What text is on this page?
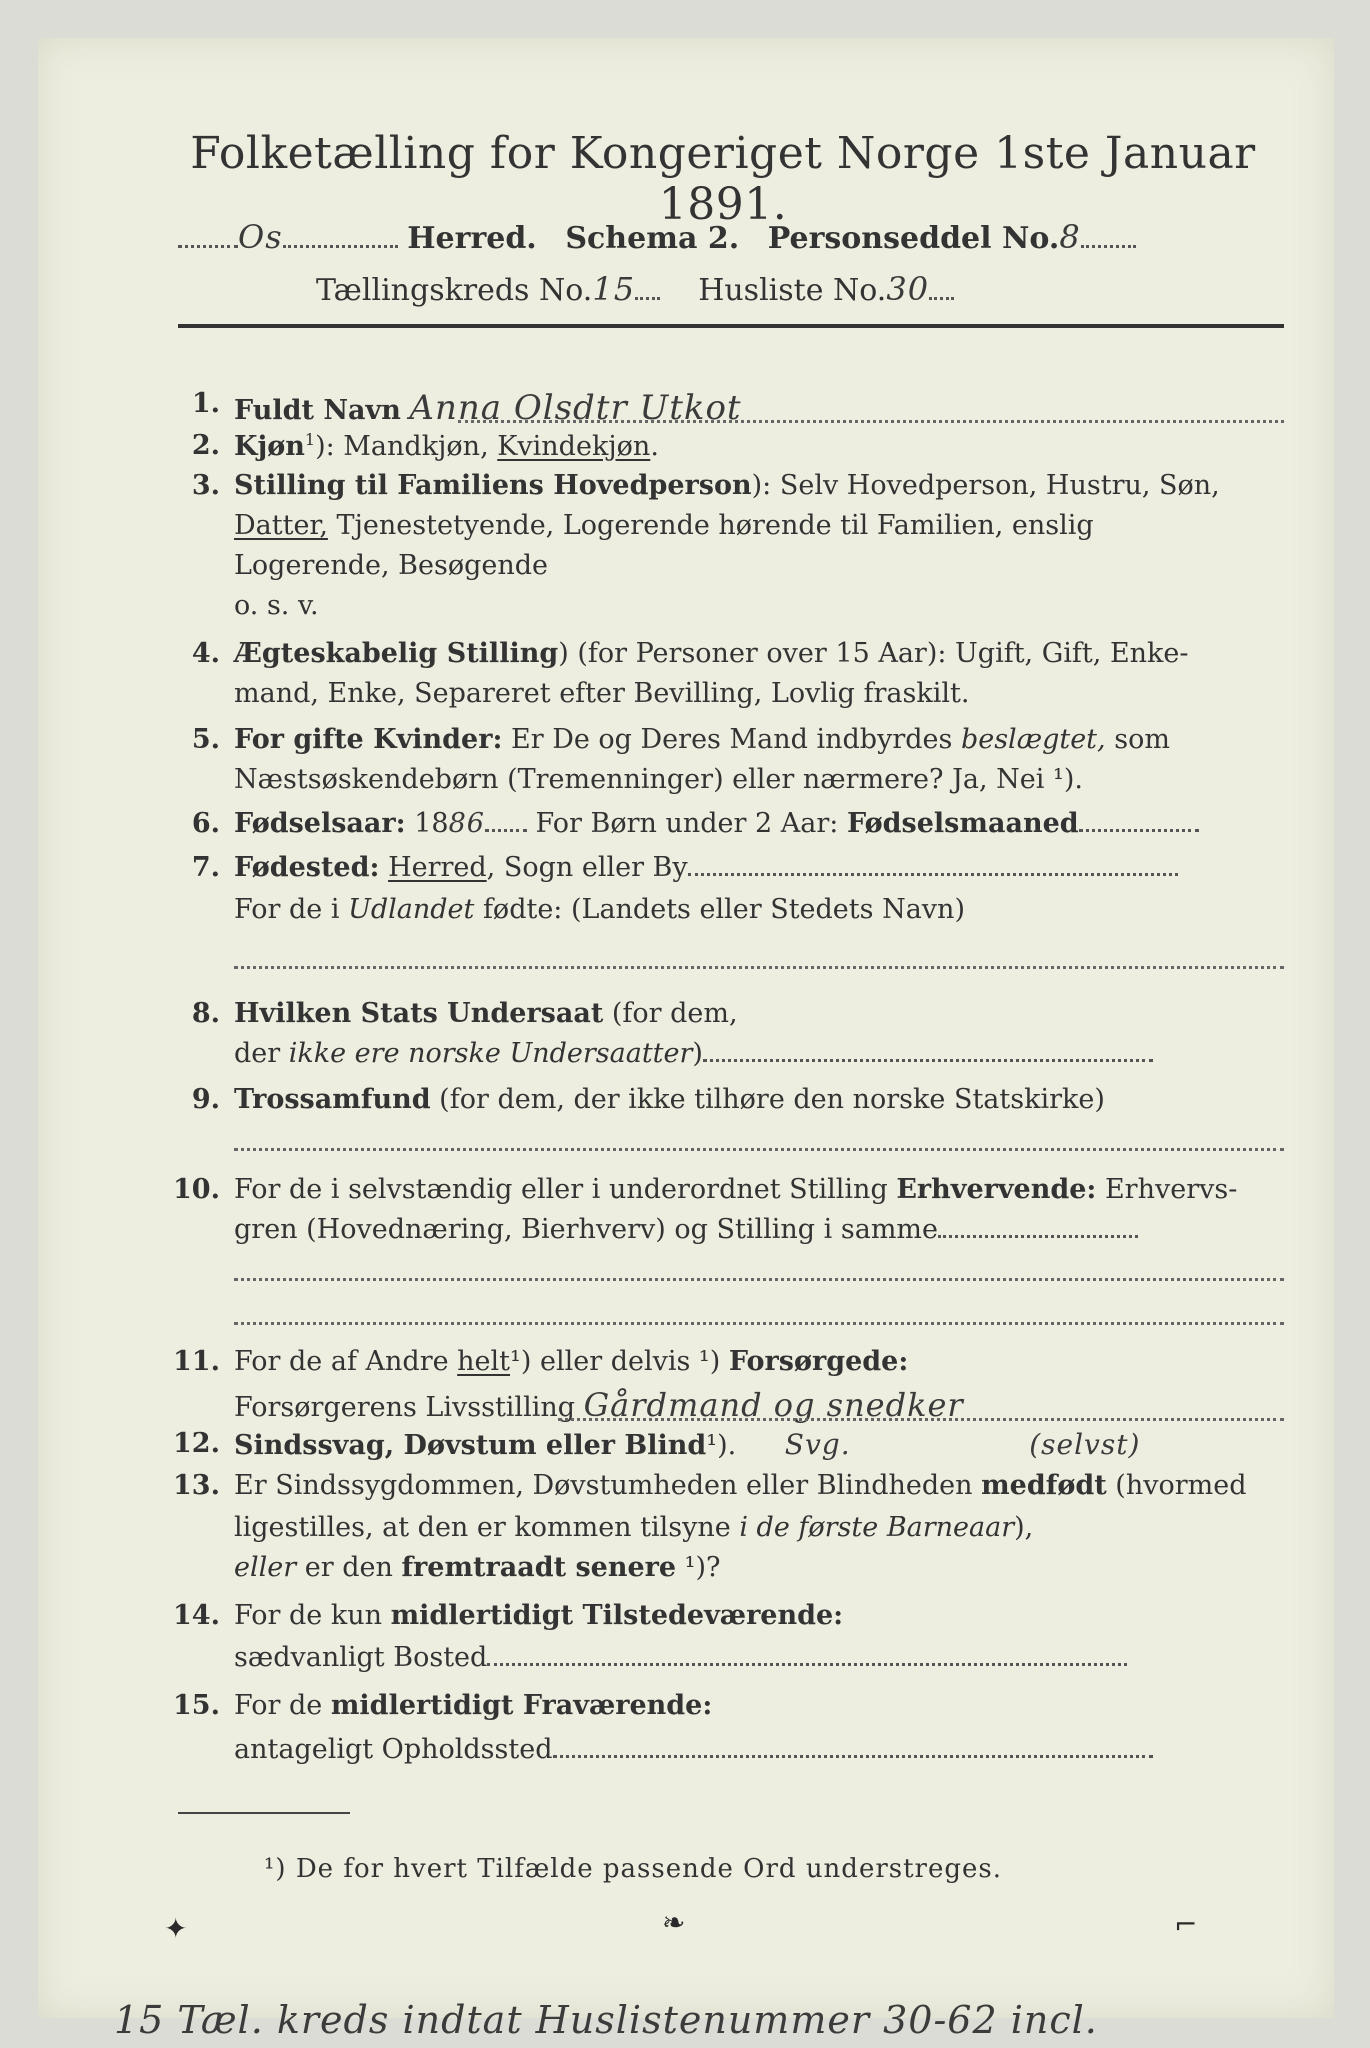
Folketælling for Kongeriget Norge 1ste Januar 1891.
Os	Herred. Schema 2. Personseddel No.8
Tællingskreds No.15 Husliste No.30
1. Fuldt Navn Anna Olsdtr Utkot
2. Kjøn$^1$): Mandkjøn, Kvindekjøn.
3. Stilling til Familiens Hovedperson): Selv Hovedperson, Hustru, Søn,
Datter, Tjenestetyende, Logerende hørende til Familien, enslig
Logerende, Besøgende
o. s. v.
4. Ægteskabelig Stilling) (for Personer over 15 Aar): Ugift, Gift, Enke-
mand, Enke, Separeret efter Bevilling, Lovlig fraskilt.
5. For gifte Kvinder: Er De og Deres Mand indbyrdes beslægtet, som
Næstsøskendebørn (Tremenninger) eller nærmere? Ja, Nei ¹).
6. Fødselsaar: 1886 For Børn under 2 Aar: Fødselsmaaned
7. Fødested: Herred, Sogn eller By
For de i Udlandet fødte: (Landets eller Stedets Navn)
8. Hvilken Stats Undersaat (for dem,
der ikke ere norske Undersaatter)
9. Trossamfund (for dem, der ikke tilhøre den norske Statskirke)
10. For de i selvstændig eller i underordnet Stilling Erhvervende: Erhvervs-
gren (Hovednæring, Bierhverv) og Stilling i samme
11. For de af Andre helt¹) eller delvis ¹) Forsørgede:
Forsørgerens Livsstilling Gårdmand og snedker
12. Sindssvag, Døvstum eller Blind¹). Svg.	(selvst)
13. Er Sindssygdommen, Døvstumheden eller Blindheden medfødt (hvormed
ligestilles, at den er kommen tilsyne i de første Barneaar),
eller er den fremtraadt senere ¹)?
14. For de kun midlertidigt Tilstedeværende:
sædvanligt Bosted
15. For de midlertidigt Fraværende:
antageligt Opholdssted
¹) De for hvert Tilfælde passende Ord understreges.
✦	❧	⌐
15 Tæl. kreds indtat Huslistenummer 30-62 incl.
